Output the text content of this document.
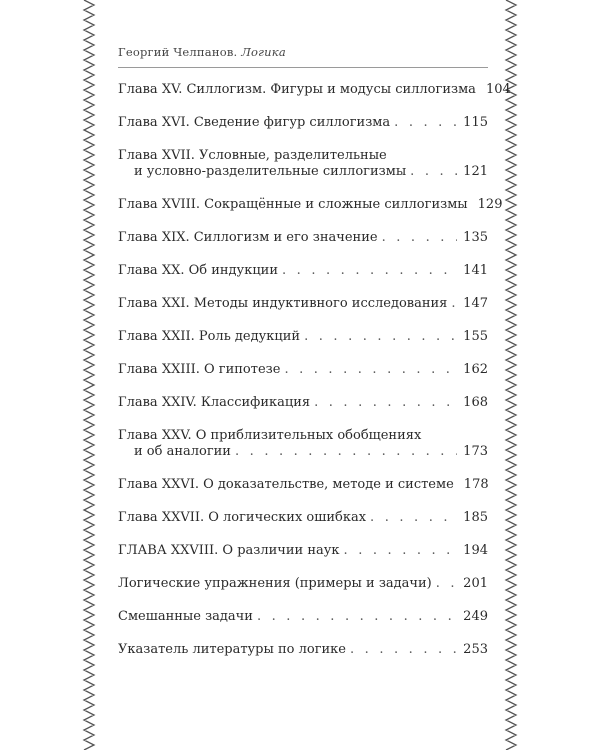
Георгий Челпанов. Логика
Глава XV. Силлогизм. Фигуры и модусы силлогизма 104
Глава XVI. Сведение фигур силлогизма . . .	115
Глава XVII. Условные, разделительные
и условно-разделительные силлогизмы . . .	121
Глава XVIII. Сокращённые и сложные силлогизмы 129
Глава XIX. Силлогизм и его значение . . .	135
Глава XX. Об индукции . . .	141
Глава XXI. Методы индуктивного исследования . . . 147
Глава XXII. Роль дедукций . . .	155
Глава XXIII. О гипотезе . . .	162
Глава XXIV. Классификация . . .	168
Глава XXV. О приблизительных обобщениях
и об аналогии . . .	173
Глава XXVI. О доказательстве, методе и системе 178
Глава XXVII. О логических ошибках . . .	185
ГЛАВА XXVIII. О различии наук . . .	194
Логические упражнения (примеры и задачи) . . . 201
Смешанные задачи . . .	249
Указатель литературы по логике . . .	253
